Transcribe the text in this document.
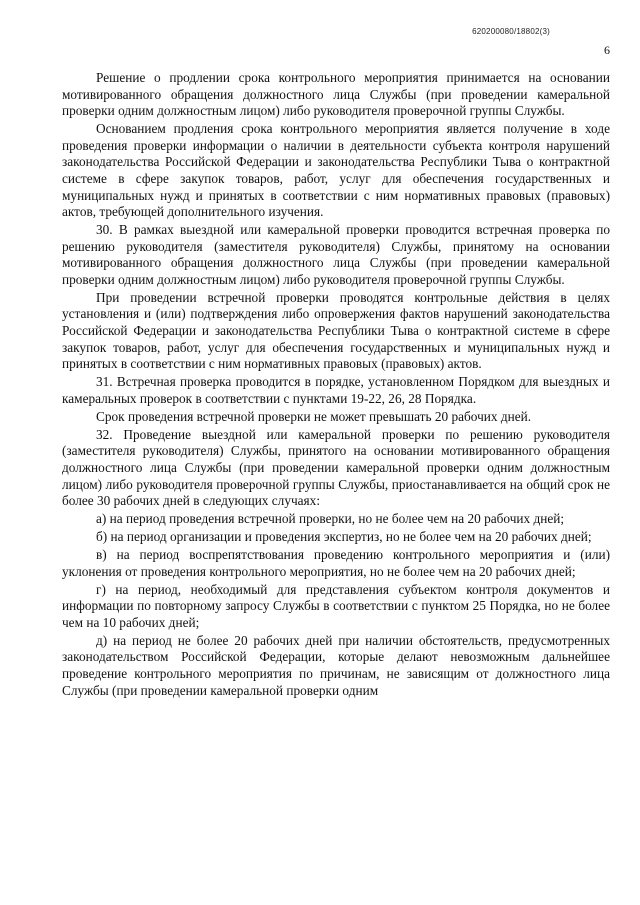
620200080/18802(3)
6

Решение о продлении срока контрольного мероприятия принимается на основании мотивированного обращения должностного лица Службы (при проведении камеральной проверки одним должностным лицом) либо руководителя проверочной группы Службы.

Основанием продления срока контрольного мероприятия является получение в ходе проведения проверки информации о наличии в деятельности субъекта контроля нарушений законодательства Российской Федерации и законодательства Республики Тыва о контрактной системе в сфере закупок товаров, работ, услуг для обеспечения государственных и муниципальных нужд и принятых в соответствии с ним нормативных правовых (правовых) актов, требующей дополнительного изучения.

30. В рамках выездной или камеральной проверки проводится встречная проверка по решению руководителя (заместителя руководителя) Службы, принятому на основании мотивированного обращения должностного лица Службы (при проведении камеральной проверки одним должностным лицом) либо руководителя проверочной группы Службы.

При проведении встречной проверки проводятся контрольные действия в целях установления и (или) подтверждения либо опровержения фактов нарушений законодательства Российской Федерации и законодательства Республики Тыва о контрактной системе в сфере закупок товаров, работ, услуг для обеспечения государственных и муниципальных нужд и принятых в соответствии с ним нормативных правовых (правовых) актов.

31. Встречная проверка проводится в порядке, установленном Порядком для выездных и камеральных проверок в соответствии с пунктами 19-22, 26, 28 Порядка.

Срок проведения встречной проверки не может превышать 20 рабочих дней.

32. Проведение выездной или камеральной проверки по решению руководителя (заместителя руководителя) Службы, принятого на основании мотивированного обращения должностного лица Службы (при проведении камеральной проверки одним должностным лицом) либо руководителя проверочной группы Службы, приостанавливается на общий срок не более 30 рабочих дней в следующих случаях:

а) на период проведения встречной проверки, но не более чем на 20 рабочих дней;

б) на период организации и проведения экспертиз, но не более чем на 20 рабочих дней;

в) на период воспрепятствования проведению контрольного мероприятия и (или) уклонения от проведения контрольного мероприятия, но не более чем на 20 рабочих дней;

г) на период, необходимый для представления субъектом контроля документов и информации по повторному запросу Службы в соответствии с пунктом 25 Порядка, но не более чем на 10 рабочих дней;

д) на период не более 20 рабочих дней при наличии обстоятельств, предусмотренных законодательством Российской Федерации, которые делают невозможным дальнейшее проведение контрольного мероприятия по причинам, не зависящим от должностного лица Службы (при проведении камеральной проверки одним
